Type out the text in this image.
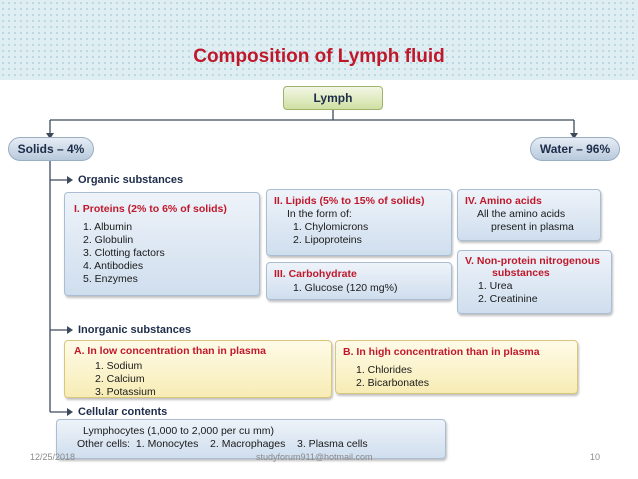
Composition of Lymph fluid
Lymph
Solids – 4%	Water – 96%
Organic substances
I. Proteins (2% to 6% of solids)
1. Albumin
2. Globulin
3. Clotting factors
4. Antibodies
5. Enzymes
II. Lipids (5% to 15% of solids)
In the form of:
1. Chylomicrons
2. Lipoproteins
III. Carbohydrate
1. Glucose (120 mg%)
IV. Amino acids
All the amino acids
present in plasma
V. Non-protein nitrogenous
substances
1. Urea
2. Creatinine
Inorganic substances
A. In low concentration than in plasma
1. Sodium
2. Calcium
3. Potassium
B. In high concentration than in plasma
1. Chlorides
2. Bicarbonates
Cellular contents
Lymphocytes (1,000 to 2,000 per cu mm)
Other cells:  1. Monocytes    2. Macrophages    3. Plasma cells
12/25/2018	studyforum911@hotmail.com	10
